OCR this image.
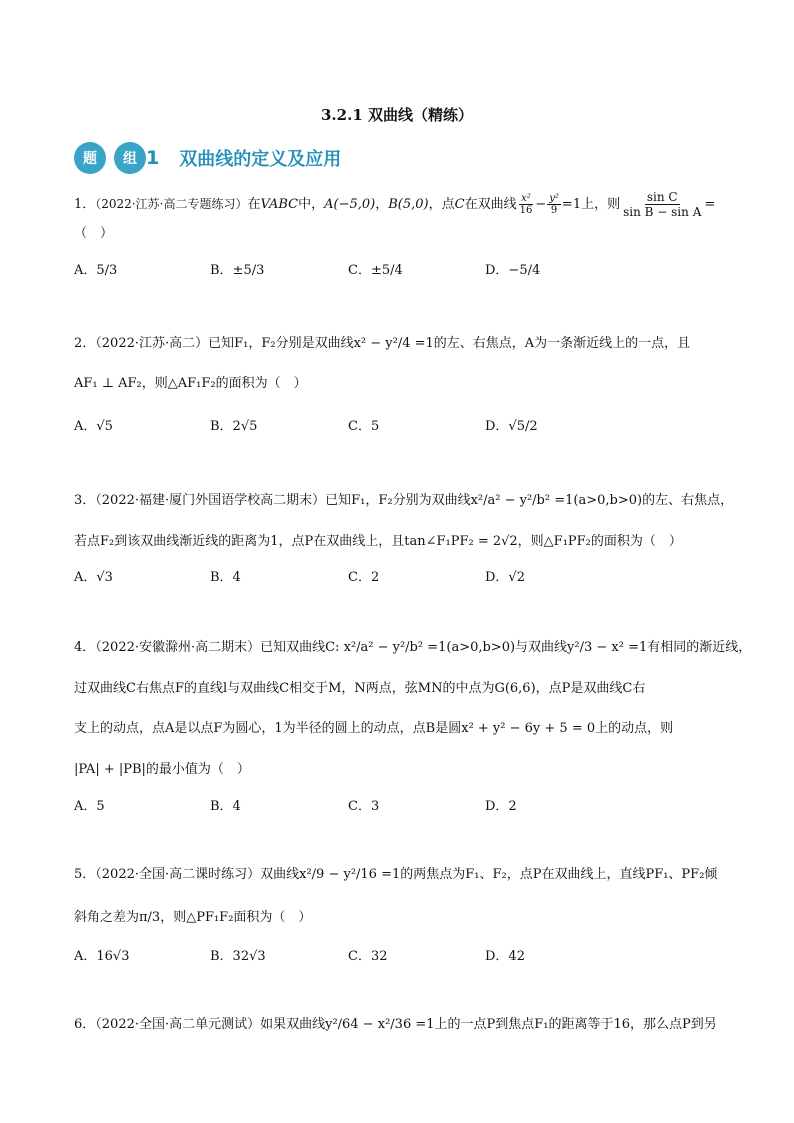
3.2.1 双曲线（精练）
题	组 1 双曲线的定义及应用
1．（2022·江苏·高二专题练习）在VABC中，A(−5,0)，B(5,0)，点C在双曲线 $\frac{\text{x²}}{16} - \frac{\text{y²}}{9} =1$上，则 $\frac{\text{sin C}}{\text{sin B − sin A}}$ =
（　）
A．5/3	B．±5/3	C．±5/4	D．−5/4
2．（2022·江苏·高二）已知F₁，F₂分别是双曲线x² − y²/4 =1的左、右焦点，A为一条渐近线上的一点，且
AF₁ ⊥ AF₂，则△AF₁F₂的面积为（　）
A．√5	B．2√5	C．5	D．√5/2
3．（2022·福建·厦门外国语学校高二期末）已知F₁，F₂分别为双曲线x²/a² − y²/b² =1(a>0,b>0)的左、右焦点，
若点F₂到该双曲线渐近线的距离为1，点P在双曲线上，且tan∠F₁PF₂ = 2√2，则△F₁PF₂的面积为（　）
A．√3	B．4	C．2	D．√2
4．（2022·安徽滁州·高二期末）已知双曲线C: x²/a² − y²/b² =1(a>0,b>0)与双曲线y²/3 − x² =1有相同的渐近线，
过双曲线C右焦点F的直线l与双曲线C相交于M，N两点，弦MN的中点为G(6,6)，点P是双曲线C右
支上的动点，点A是以点F为圆心，1为半径的圆上的动点，点B是圆x² + y² − 6y + 5 = 0上的动点，则
|PA| + |PB|的最小值为（　）
A．5	B．4	C．3	D．2
5．（2022·全国·高二课时练习）双曲线x²/9 − y²/16 =1的两焦点为F₁、F₂，点P在双曲线上，直线PF₁、PF₂倾
斜角之差为π/3，则△PF₁F₂面积为（　）
A．16√3	B．32√3	C．32	D．42
6．（2022·全国·高二单元测试）如果双曲线y²/64 − x²/36 =1上的一点P到焦点F₁的距离等于16，那么点P到另
